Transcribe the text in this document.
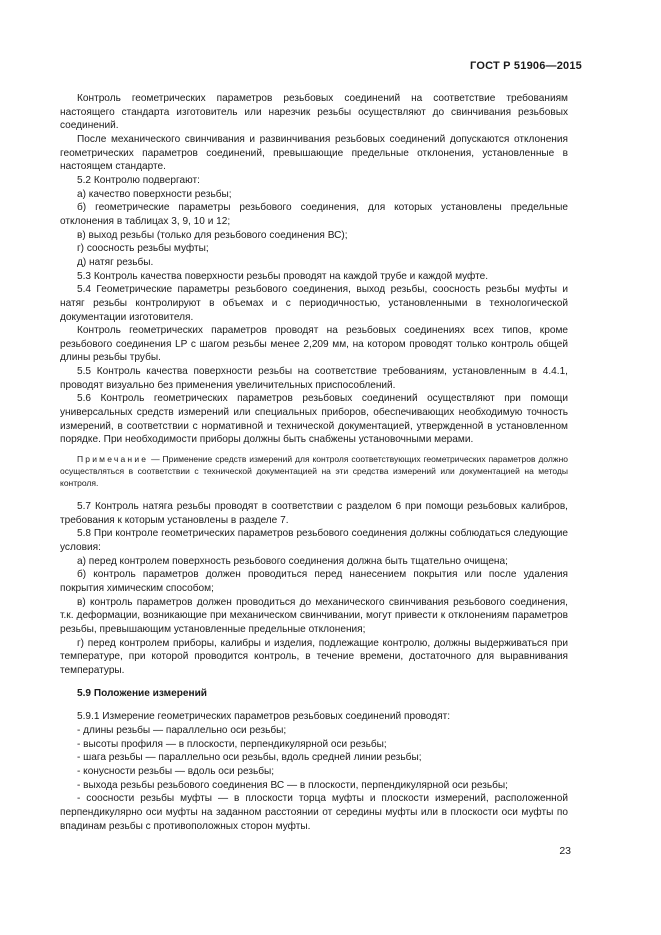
ГОСТ Р 51906—2015

Контроль геометрических параметров резьбовых соединений на соответствие требованиям настоящего стандарта изготовитель или нарезчик резьбы осуществляют до свинчивания резьбовых соединений.

После механического свинчивания и развинчивания резьбовых соединений допускаются отклонения геометрических параметров соединений, превышающие предельные отклонения, установленные в настоящем стандарте.

5.2 Контролю подвергают:

а) качество поверхности резьбы;

б) геометрические параметры резьбового соединения, для которых установлены предельные отклонения в таблицах 3, 9, 10 и 12;

в) выход резьбы (только для резьбового соединения ВС);

г) соосность резьбы муфты;

д) натяг резьбы.

5.3 Контроль качества поверхности резьбы проводят на каждой трубе и каждой муфте.

5.4 Геометрические параметры резьбового соединения, выход резьбы, соосность резьбы муфты и натяг резьбы контролируют в объемах и с периодичностью, установленными в технологической документации изготовителя.

Контроль геометрических параметров проводят на резьбовых соединениях всех типов, кроме резьбового соединения LP с шагом резьбы менее 2,209 мм, на котором проводят только контроль общей длины резьбы трубы.

5.5 Контроль качества поверхности резьбы на соответствие требованиям, установленным в 4.4.1, проводят визуально без применения увеличительных приспособлений.

5.6 Контроль геометрических параметров резьбовых соединений осуществляют при помощи универсальных средств измерений или специальных приборов, обеспечивающих необходимую точность измерений, в соответствии с нормативной и технической документацией, утвержденной в установленном порядке. При необходимости приборы должны быть снабжены установочными мерами.

Примечание — Применение средств измерений для контроля соответствующих геометрических параметров должно осуществляться в соответствии с технической документацией на эти средства измерений или документацией на методы контроля.

5.7 Контроль натяга резьбы проводят в соответствии с разделом 6 при помощи резьбовых калибров, требования к которым установлены в разделе 7.

5.8 При контроле геометрических параметров резьбового соединения должны соблюдаться следующие условия:

а) перед контролем поверхность резьбового соединения должна быть тщательно очищена;

б) контроль параметров должен проводиться перед нанесением покрытия или после удаления покрытия химическим способом;

в) контроль параметров должен проводиться до механического свинчивания резьбового соединения, т.к. деформации, возникающие при механическом свинчивании, могут привести к отклонениям параметров резьбы, превышающим установленные предельные отклонения;

г) перед контролем приборы, калибры и изделия, подлежащие контролю, должны выдерживаться при температуре, при которой проводится контроль, в течение времени, достаточного для выравнивания температуры.

5.9 Положение измерений

5.9.1 Измерение геометрических параметров резьбовых соединений проводят:

- длины резьбы — параллельно оси резьбы;

- высоты профиля — в плоскости, перпендикулярной оси резьбы;

- шага резьбы — параллельно оси резьбы, вдоль средней линии резьбы;

- конусности резьбы — вдоль оси резьбы;

- выхода резьбы резьбового соединения ВС — в плоскости, перпендикулярной оси резьбы;

- соосности резьбы муфты — в плоскости торца муфты и плоскости измерений, расположенной перпендикулярно оси муфты на заданном расстоянии от середины муфты или в плоскости оси муфты по впадинам резьбы с противоположных сторон муфты.

23
